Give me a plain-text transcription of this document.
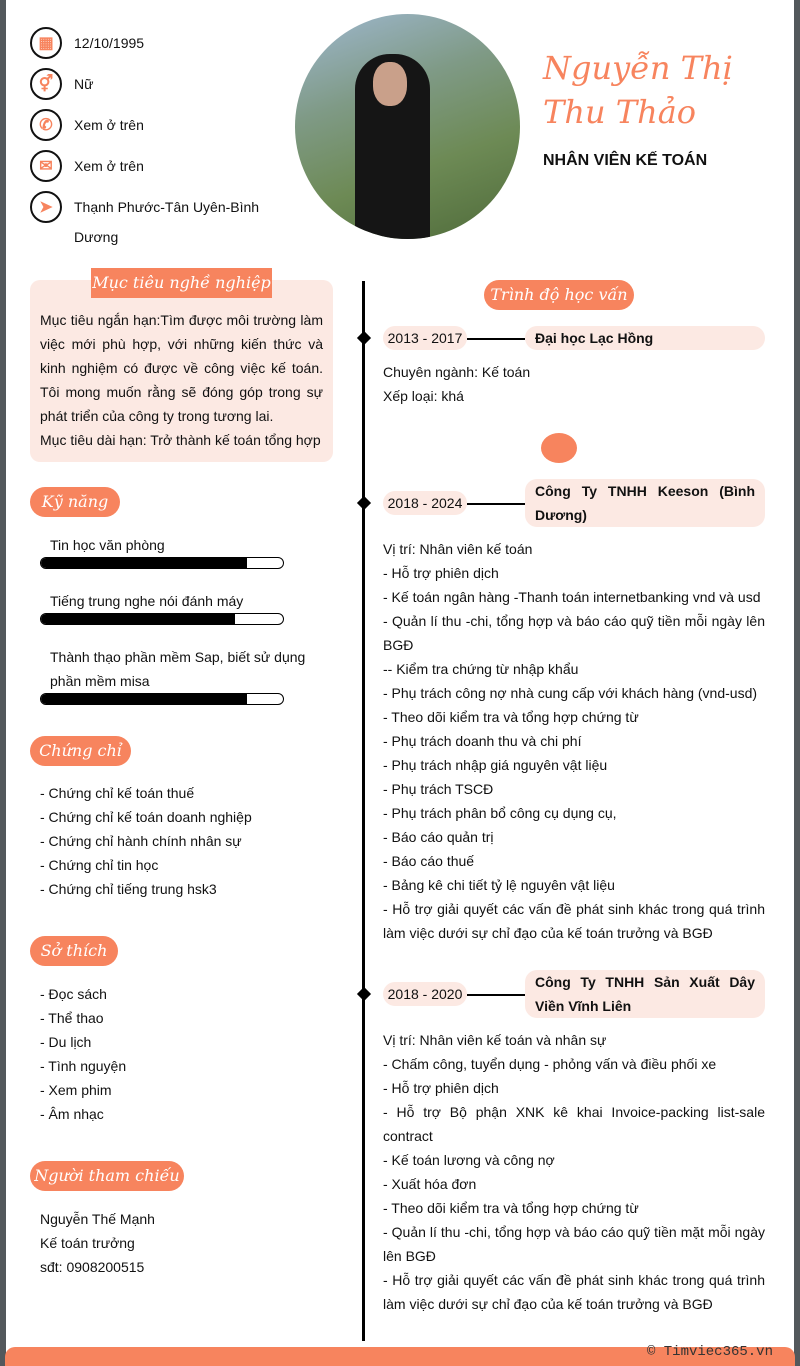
▦	12/10/1995
⚥	Nữ
✆	Xem ở trên
✉	Xem ở trên
➤	Thạnh Phước-Tân Uyên-Bình Dương
Nguyễn Thị Thu Thảo
NHÂN VIÊN KẾ TOÁN
Mục tiêu nghề nghiệp
Mục tiêu ngắn hạn:Tìm được môi trường làm việc mới phù hợp, với những kiến thức và kinh nghiệm có được về công việc kế toán. Tôi mong muốn rằng sẽ đóng góp trong sự phát triển của công ty trong tương lai.
Mục tiêu dài hạn: Trở thành kế toán tổng hợp
Kỹ năng
Tin học văn phòng
Tiếng trung nghe nói đánh máy
Thành thạo phần mềm Sap, biết sử dụng phần mềm misa
Chứng chỉ
- Chứng chỉ kế toán thuế
- Chứng chỉ kế toán doanh nghiệp
- Chứng chỉ hành chính nhân sự
- Chứng chỉ tin học
- Chứng chỉ tiếng trung hsk3
Sở thích
- Đọc sách
- Thể thao
- Du lịch
- Tình nguyện
- Xem phim
- Âm nhạc
Người tham chiếu
Nguyễn Thế Mạnh
Kế toán trưởng
sđt: 0908200515
Trình độ học vấn
2013 - 2017	Đại học Lạc Hồng
Chuyên ngành: Kế toán
Xếp loại: khá
2018 - 2024
Công Ty TNHH Keeson (Bình Dương)
Vị trí: Nhân viên kế toán
- Hỗ trợ phiên dịch
- Kế toán ngân hàng -Thanh toán internetbanking vnd và usd
- Quản lí thu -chi, tổng hợp và báo cáo quỹ tiền mỗi ngày lên BGĐ
-- Kiểm tra chứng từ nhập khẩu
- Phụ trách công nợ nhà cung cấp với khách hàng (vnd-usd)
- Theo dõi kiểm tra và tổng hợp chứng từ
- Phụ trách doanh thu và chi phí
- Phụ trách nhập giá nguyên vật liệu
- Phụ trách TSCĐ
- Phụ trách phân bổ công cụ dụng cụ,
- Báo cáo quản trị
- Báo cáo thuế
- Bảng kê chi tiết tỷ lệ nguyên vật liệu
- Hỗ trợ giải quyết các vấn đề phát sinh khác trong quá trình làm việc dưới sự chỉ đạo của kế toán trưởng và BGĐ
2018 - 2020
Công Ty TNHH Sản Xuất Dây Viền Vĩnh Liên
Vị trí: Nhân viên kế toán và nhân sự
- Chấm công, tuyển dụng - phỏng vấn và điều phối xe
- Hỗ trợ phiên dịch
- Hỗ trợ Bộ phận XNK kê khai Invoice-packing list-sale contract
- Kế toán lương và công nợ
- Xuất hóa đơn
- Theo dõi kiểm tra và tổng hợp chứng từ
- Quản lí thu -chi, tổng hợp và báo cáo quỹ tiền mặt mỗi ngày lên BGĐ
- Hỗ trợ giải quyết các vấn đề phát sinh khác trong quá trình làm việc dưới sự chỉ đạo của kế toán trưởng và BGĐ
© Timviec365.vn
